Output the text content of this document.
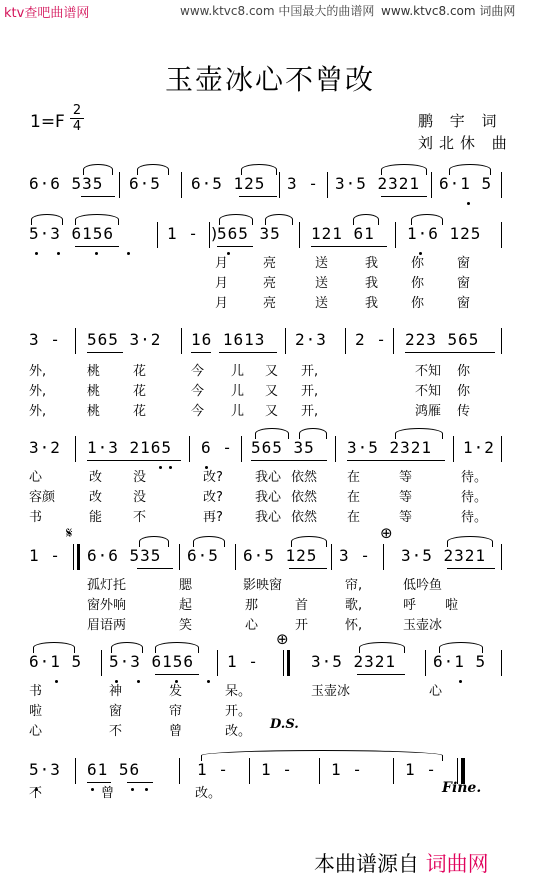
ktv查吧曲谱网	www.ktvc8.com 中国最大的曲谱网 www.ktvc8.com 词曲网
玉壶冰心不曾改
1=F
2
4	鹏 宇 词
刘北休 曲
6·6 535 6·5 6·5 125 3 - 3·5 2321 6·1 5
5·3 6156	1 - )
565 35 121 61 1·6 125
月	亮	送	我	你	窗
月	亮	送	我	你	窗
月	亮	送	我	你	窗
3 - 565 3·2 16 1613 2·3 2 - 223 565
外,	桃	花	今 儿 又 开,	不知 你
外,	桃	花	今 儿 又 开,	不知 你
外,	桃	花	今 儿 又 开,	鸿雁 传
3·2 1·3 2165 6 - 565 35 3·5 2321 1·2
心	改 没	改? 我心 依然 在	等	待。
容颜	改 没	改? 我心 依然 在	等	待。
书	能 不	再? 我心 依然 在	等	待。
𝄋	⊕
1 - 6·6 535 6·5 6·5 125 3 - 3·5 2321
孤灯托	腮	影映窗	帘,	低吟鱼
窗外响	起	那	首	歌,	呼 啦
眉语两	笑	心	开	怀,	玉壶冰
⊕
6·1 5 5·3 6156 1 -	3·5 2321 6·1 5
书	神	发	呆。	玉壶冰	心
啦	窗	帘	开。
心	不	曾	改。 D.S.
5·3 61 56	1 - 1 - 1 -	1 -
不	曾	改。	Fine.
本曲谱源自 词曲网
